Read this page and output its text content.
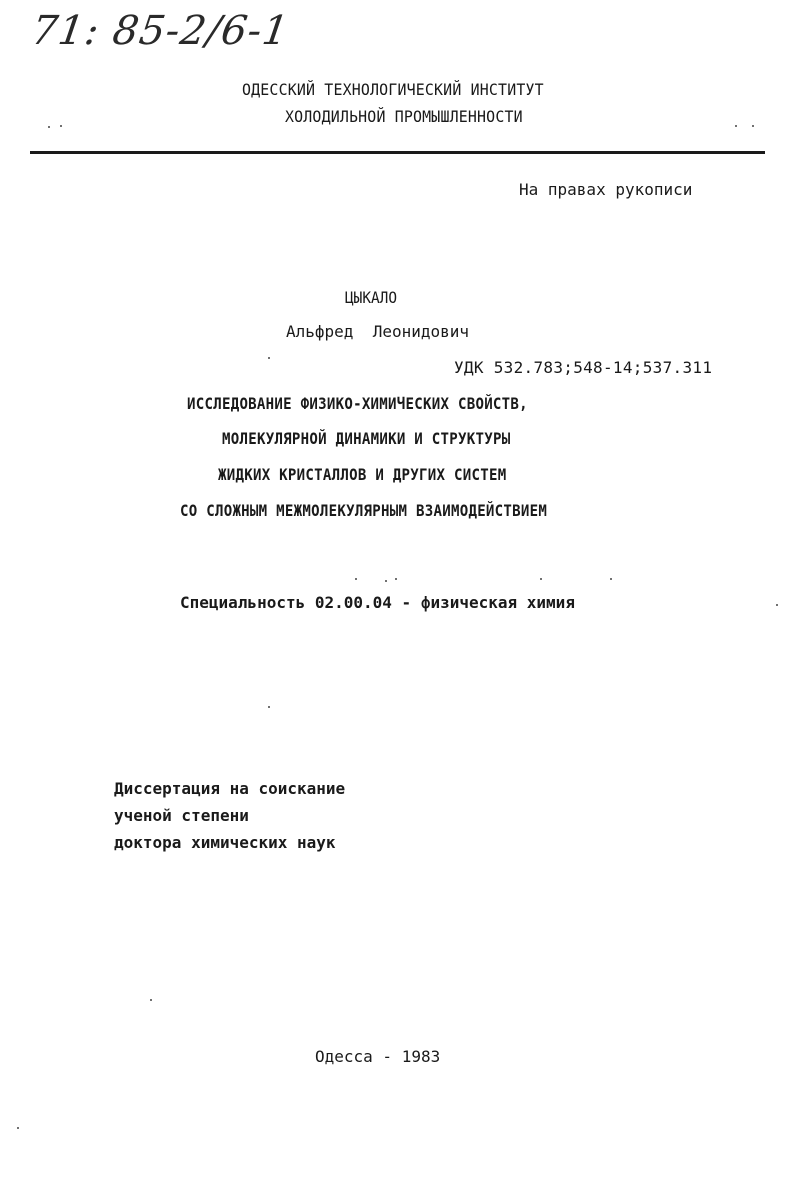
71: 85-2/6-1
ОДЕССКИЙ ТЕХНОЛОГИЧЕСКИЙ ИНСТИТУТ
ХОЛОДИЛЬНОЙ ПРОМЫШЛЕННОСТИ
На правах рукописи
ЦЫКАЛО
Альфред  Леонидович
УДК 532.783;548-14;537.311
ИССЛЕДОВАНИЕ ФИЗИКО-ХИМИЧЕСКИХ СВОЙСТВ,
МОЛЕКУЛЯРНОЙ ДИНАМИКИ И СТРУКТУРЫ
ЖИДКИХ КРИСТАЛЛОВ И ДРУГИХ СИСТЕМ
СО СЛОЖНЫМ МЕЖМОЛЕКУЛЯРНЫМ ВЗАИМОДЕЙСТВИЕМ
Специальность 02.00.04 - физическая химия
Диссертация на соискание
ученой степени
доктора химических наук
Одесса - 1983
